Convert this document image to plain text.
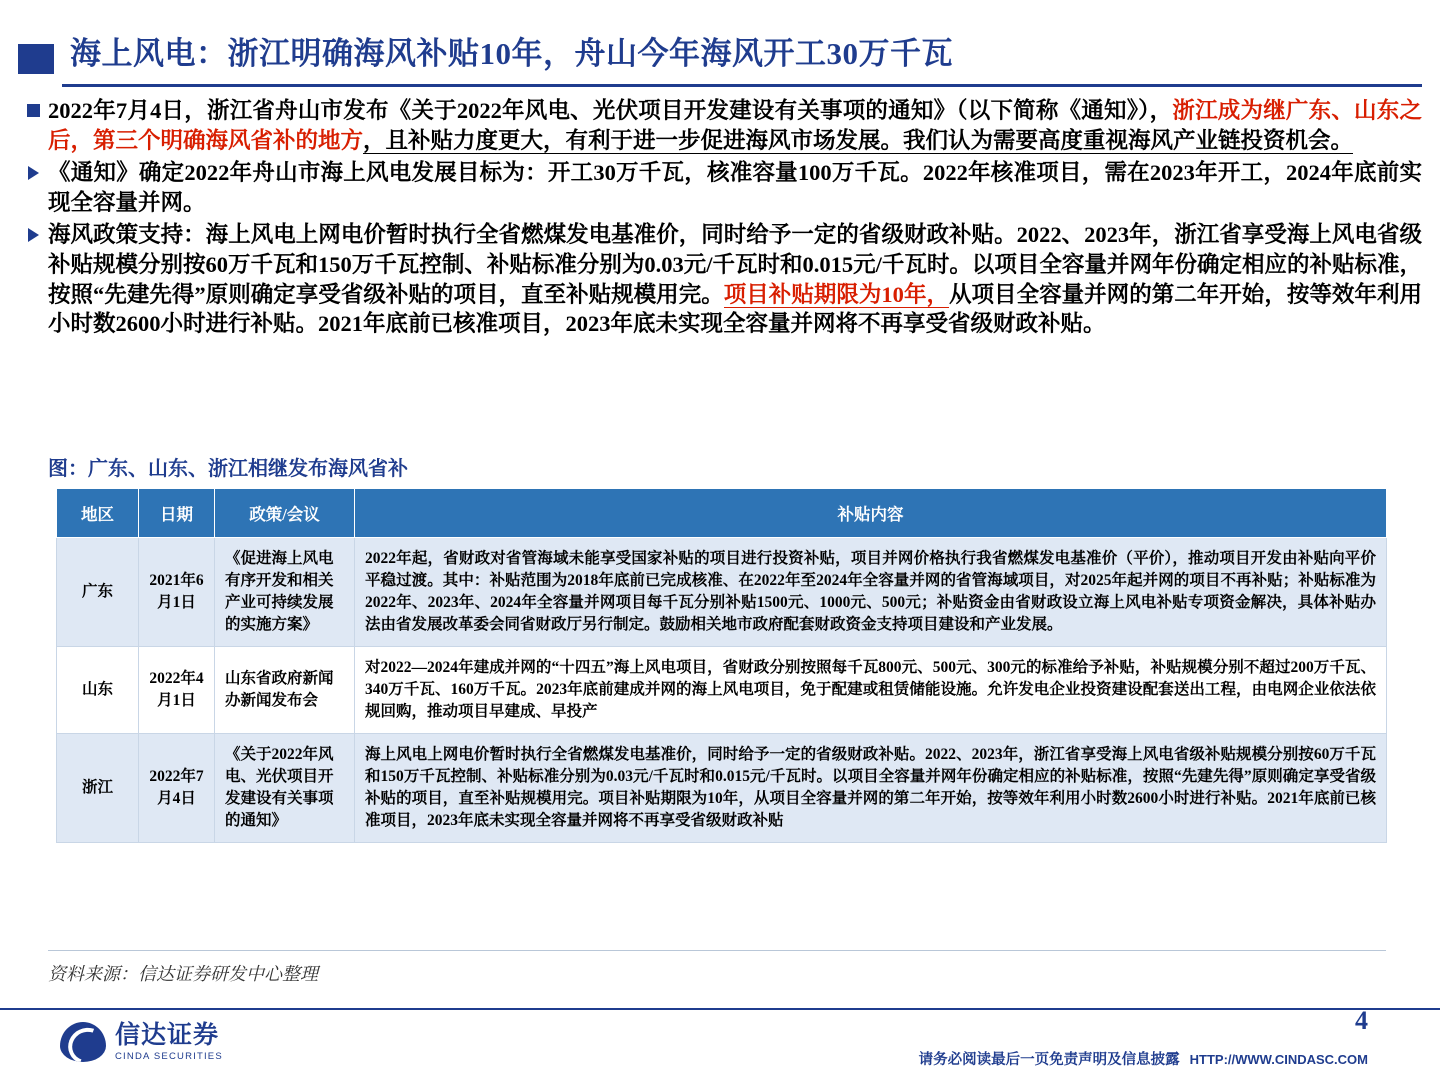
海上风电：浙江明确海风补贴10年，舟山今年海风开工30万千瓦
2022年7月4日，浙江省舟山市发布《关于2022年风电、光伏项目开发建设有关事项的通知》（以下简称《通知》），浙江成为继广东、山东之后，第三个明确海风省补的地方，且补贴力度更大，有利于进一步促进海风市场发展。我们认为需要高度重视海风产业链投资机会。
《通知》确定2022年舟山市海上风电发展目标为：开工30万千瓦，核准容量100万千瓦。2022年核准项目，需在2023年开工，2024年底前实现全容量并网。
海风政策支持：海上风电上网电价暂时执行全省燃煤发电基准价，同时给予一定的省级财政补贴。2022、2023年，浙江省享受海上风电省级补贴规模分别按60万千瓦和150万千瓦控制、补贴标准分别为0.03元/千瓦时和0.015元/千瓦时。以项目全容量并网年份确定相应的补贴标准，按照“先建先得”原则确定享受省级补贴的项目，直至补贴规模用完。项目补贴期限为10年，从项目全容量并网的第二年开始，按等效年利用小时数2600小时进行补贴。2021年底前已核准项目，2023年底未实现全容量并网将不再享受省级财政补贴。
图：广东、山东、浙江相继发布海风省补
地区	日期	政策/会议	补贴内容
广东	2021年6月1日	《促进海上风电有序开发和相关产业可持续发展的实施方案》	2022年起，省财政对省管海域未能享受国家补贴的项目进行投资补贴，项目并网价格执行我省燃煤发电基准价（平价），推动项目开发由补贴向平价平稳过渡。其中：补贴范围为2018年底前已完成核准、在2022年至2024年全容量并网的省管海域项目，对2025年起并网的项目不再补贴；补贴标准为2022年、2023年、2024年全容量并网项目每千瓦分别补贴1500元、1000元、500元；补贴资金由省财政设立海上风电补贴专项资金解决，具体补贴办法由省发展改革委会同省财政厅另行制定。鼓励相关地市政府配套财政资金支持项目建设和产业发展。
山东	2022年4月1日	山东省政府新闻办新闻发布会	对2022—2024年建成并网的“十四五”海上风电项目，省财政分别按照每千瓦800元、500元、300元的标准给予补贴，补贴规模分别不超过200万千瓦、340万千瓦、160万千瓦。2023年底前建成并网的海上风电项目，免于配建或租赁储能设施。允许发电企业投资建设配套送出工程，由电网企业依法依规回购，推动项目早建成、早投产
浙江	2022年7月4日	《关于2022年风电、光伏项目开发建设有关事项的通知》	海上风电上网电价暂时执行全省燃煤发电基准价，同时给予一定的省级财政补贴。2022、2023年，浙江省享受海上风电省级补贴规模分别按60万千瓦和150万千瓦控制、补贴标准分别为0.03元/千瓦时和0.015元/千瓦时。以项目全容量并网年份确定相应的补贴标准，按照“先建先得”原则确定享受省级补贴的项目，直至补贴规模用完。项目补贴期限为10年，从项目全容量并网的第二年开始，按等效年利用小时数2600小时进行补贴。2021年底前已核准项目，2023年底未实现全容量并网将不再享受省级财政补贴
资料来源：信达证券研发中心整理
4
信达证券
CINDA SECURITIES	请务必阅读最后一页免责声明及信息披露 HTTP://WWW.CINDASC.COM
